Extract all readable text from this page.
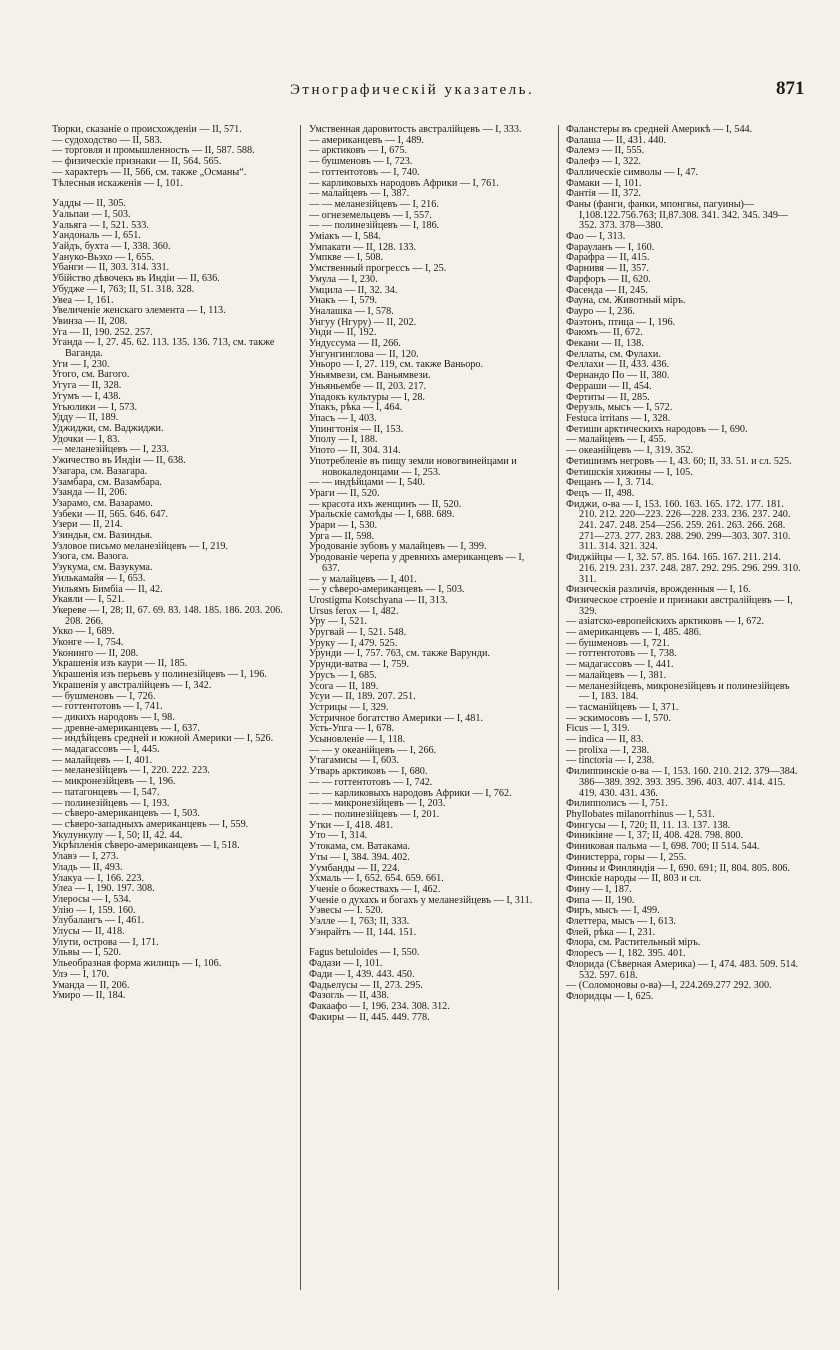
Этнографическій указатель.	871
Тюрки, сказаніе о происхожденіи — II, 571.
— судоходство — II, 583.
— торговля и промышленность — II, 587. 588.
— физическіе признаки — II, 564. 565.
— характеръ — II, 566, см. также „Османы“.
Тѣлесныя искаженія — I, 101.
Уадды — II, 305.
Уальпаи — I, 503.
Уальяга — I, 521. 533.
Уандональ — I, 651.
Уайдъ, бухта — I, 338. 360.
Уануко-Вьэхо — I, 655.
Убанги — II, 303. 314. 331.
Убійство дѣвочекъ въ Индіи — II, 636.
Убудже — I, 763; II, 51. 318. 328.
Увеа — I, 161.
Увеличеніе женскаго элемента — I, 113.
Увинза — II, 208.
Уга — II, 190. 252. 257.
Уганда — I, 27. 45. 62. 113. 135. 136. 713, см. также Ваганда.
Уги — I, 230.
Угого, см. Вагого.
Угуга — II, 328.
Угумъ — I, 438.
Угьюлики — I, 573.
Удду — II, 189.
Уджиджи, см. Ваджиджи.
Удочки — I, 83.
— меланезійцевъ — I, 233.
Ужичество въ Индіи — II, 638.
Узагара, см. Вазагара.
Узамбара, см. Вазамбара.
Узанда — II, 206.
Узарамо, см. Вазарамо.
Узбеки — II, 565. 646. 647.
Узери — II, 214.
Узиндья, см. Вазиндья.
Узловое письмо меланезійцевъ — I, 219.
Узога, см. Вазога.
Узукума, см. Вазукума.
Уилькамайя — I, 653.
Уильямъ Бимбіа — II, 42.
Укаяли — I, 521.
Укереве — I, 28; II, 67. 69. 83. 148. 185. 186. 203. 206. 208. 266.
Укко — I, 689.
Уконге — I, 754.
Уконинго — II, 208.
Украшенія изъ каури — II, 185.
Украшенія изъ перьевъ у полинезійцевъ — I, 196.
Украшенія у австралійцевъ — I, 342.
— бушменовъ — I, 726.
— готтентотовъ — I, 741.
— дикихъ народовъ — I, 98.
— древне-американцевъ — I, 637.
— индѣйцевъ средней и южной Америки — I, 526.
— мадагассовъ — I, 445.
— малайцевъ — I, 401.
— меланезійцевъ — I, 220. 222. 223.
— микронезійцевъ — I, 196.
— патагонцевъ — I, 547.
— полинезійцевъ — I, 193.
— сѣверо-американцевъ — I, 503.
— сѣверо-западныхъ американцевъ — I, 559.
Укулункулу — I, 50; II, 42. 44.
Укрѣпленія сѣверо-американцевъ — I, 518.
Улавэ — I, 273.
Уладь — II, 493.
Улакуа — I, 166. 223.
Улеа — I, 190. 197. 308.
Улеросы — I, 534.
Улію — I, 159. 160.
Улубалангъ — I, 461.
Улусы — II, 418.
Улути, острова — I, 171.
Ульвы — I, 520.
Ульеобразная форма жилищъ — I, 106.
Улэ — I, 170.
Уманда — II, 206.
Умиро — II, 184.
Умственная даровитость австралійцевъ — I, 333.
— американцевъ — I, 489.
— арктиковъ — I, 675.
— бушменовъ — I, 723.
— готтентотовъ — I, 740.
— карликовыхъ народовъ Африки — I, 761.
— малайцевъ — I, 387.
— — меланезійцевъ — I, 216.
— огнеземельцевъ — I, 557.
— — полинезійцевъ — I, 186.
Умiакъ — I, 584.
Умпакати — II, 128. 133.
Умпкве — I, 508.
Умственный прогрессъ — I, 25.
Умула — I, 230.
Умцила — II, 32. 34.
Унакъ — I, 579.
Уналашка — I, 578.
Унгуу (Нгуру) — II, 202.
Унди — II, 192.
Ундуссума — II, 266.
Унгунгинглова — II, 120.
Уньоро — I, 27. 119, см. также Ваньоро.
Уньямвези, см. Ваньямвези.
Уньяньембе — II, 203. 217.
Упадокъ культуры — I, 28.
Упакъ, рѣка — I, 464.
Упасъ — I, 403.
Упингтонія — II, 153.
Уполу — I, 188.
Упото — II, 304. 314.
Употребленіе въ пищу земли новогвинейцами и новокаледонцами — I, 253.
— — индѣйцами — I, 540.
Ураги — II, 520.
— красота ихъ женщинъ — II, 520.
Уральскіе самоѣды — I, 688. 689.
Урари — I, 530.
Урга — II, 598.
Уродованіе зубовъ у малайцевъ — I, 399.
Уродованіе черепа у древнихъ американцевъ — I, 637.
— у малайцевъ — I, 401.
— у сѣверо-американцевъ — I, 503.
Urostigma Kotschyana — II, 313.
Ursus ferox — I, 482.
Уру — I, 521.
Уругвай — I, 521. 548.
Уруку — I, 479. 525.
Урунди — I, 757. 763, см. также Варунди.
Урунди-ватва — I, 759.
Урусъ — I, 685.
Усога — II, 189.
Усуи — II, 189. 207. 251.
Устрицы — I, 329.
Устричное богатство Америки — I, 481.
Усть-Упга — I, 678.
Усыновленіе — I, 118.
— — у океанійцевъ — I, 266.
Утагамисы — I, 603.
Утварь арктиковъ — I, 680.
— — готтентотовъ — I, 742.
— — карликовыхъ народовъ Африки — I, 762.
— — микронезійцевъ — I, 203.
— — полинезійцевъ — I, 201.
Утки — I, 418. 481.
Уто — I, 314.
Утокама, см. Ватакама.
Уты — I, 384. 394. 402.
Уумбанды — II, 224.
Ухмаль — I, 652. 654. 659. 661.
Ученіе о божествахъ — I, 462.
Ученіе о духахъ и богахъ у меланезійцевъ — I, 311.
Уэвесы — I. 520.
Уэлле — I, 763; II, 333.
Уэнрайтъ — II, 144. 151.
Fagus betuloides — I, 550.
Фадази — I, 101.
Фади — I, 439. 443. 450.
Фадьелусы — II, 273. 295.
Фазогль — II, 438.
Факаафо — I, 196. 234. 308. 312.
Факиры — II, 445. 449. 778.
Фаланстеры въ средней Америкѣ — I, 544.
Фалаша — II, 431. 440.
Фалемэ — II, 555.
Фалефэ — I, 322.
Фаллическіе символы — I, 47.
Фамаки — I, 101.
Фантія — II, 372.
Фаны (фанги, фанки, мпонгвы, пагуины)—I,108.122.756.763; II,87.308. 341. 342. 345. 349—352. 373. 378—380.
Фао — I, 313.
Фарауланъ — I, 160.
Фарафра — II, 415.
Фарнивя — II, 357.
Фарфоръ — II, 620.
Фасенда — II, 245.
Фауна, см. Животный міръ.
Фауро — I, 236.
Фаэтонъ, птица — I, 196.
Фаюмъ — II, 672.
Фекани — II, 138.
Феллаты, см. Фулахи.
Феллахи — II, 433. 436.
Фернандо По — II, 380.
Ферраши — II, 454.
Фертиты — II, 285.
Феруэль, мысъ — I, 572.
Festuca irritans — I, 328.
Фетиши арктическихъ народовъ — I, 690.
— малайцевъ — I, 455.
— океанійцевъ — I, 319. 352.
Фетишизмъ негровъ — I, 43. 60; II, 33. 51. и сл. 525.
Фетишскія хижины — I, 105.
Фещанъ — I, 3. 714.
Фецъ — II, 498.
Фиджи, о-ва — I, 153. 160. 163. 165. 172. 177. 181. 210. 212. 220—223. 226—228. 233. 236. 237. 240. 241. 247. 248. 254—256. 259. 261. 263. 266. 268. 271—273. 277. 283. 288. 290. 299—303. 307. 310. 311. 314. 321. 324.
Фиджійцы — I, 32. 57. 85. 164. 165. 167. 211. 214. 216. 219. 231. 237. 248. 287. 292. 295. 296. 299. 310. 311.
Физическія различія, врожденныя — I, 16.
Физическое строеніе и признаки австралійцевъ — I, 329.
— азіатско-европейскихъ арктиковъ — I, 672.
— американцевъ — I, 485. 486.
— бушменовъ — I, 721.
— готтентотовъ — I, 738.
— мадагассовъ — I, 441.
— малайцевъ — I, 381.
— меланезійцевъ, микронезійцевъ и полинезійцевъ — I, 183. 184.
— тасманійцевъ — I, 371.
— эскимосовъ — I, 570.
Ficus — I, 319.
— indica — II, 83.
— prolixa — I, 238.
— tinctoria — I, 238.
Филиппинскіе о-ва — I, 153. 160. 210. 212. 379—384. 386—389. 392. 393. 395. 396. 403. 407. 414. 415. 419. 430. 431. 436.
Филипполисъ — I, 751.
Phyllobates milanorrhinus — I, 531.
Фингусы — I, 720; II, 11. 13. 137. 138.
Финикіяне — I, 37; II, 408. 428. 798. 800.
Финиковая пальма — I, 698. 700; II 514. 544.
Финистерра, горы — I, 255.
Финны и Финляндія — I, 690. 691; II, 804. 805. 806.
Финскіе народы — II, 803 и сл.
Фину — I, 187.
Фипа — II, 190.
Фиръ, мысъ — I, 499.
Флеттера, мысъ — I, 613.
Флей, рѣка — I, 231.
Флора, см. Растительный міръ.
Флоресъ — I, 182. 395. 401.
Флорида (Сѣверная Америка) — I, 474. 483. 509. 514. 532. 597. 618.
— (Соломоновы о-ва)—I, 224.269.277 292. 300.
Флоридцы — I, 625.
